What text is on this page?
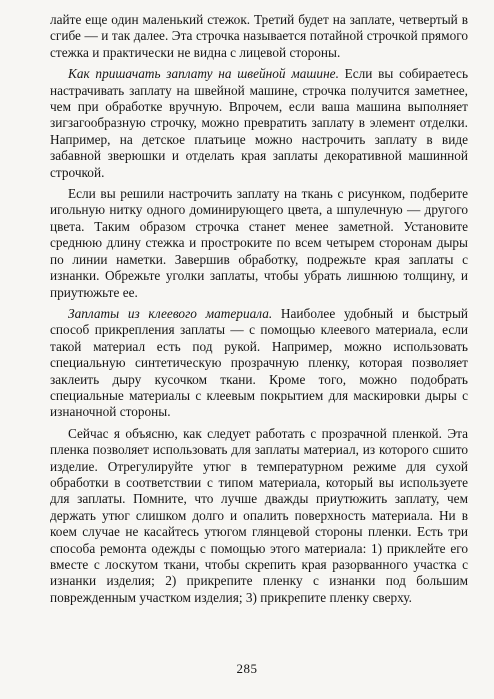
лайте еще один маленький стежок. Третий будет на заплате, четвертый в сгибе — и так далее. Эта строчка называется потайной строчкой прямого стежка и практически не видна с лицевой стороны.

Как пришачать заплату на швейной машине. Если вы собираетесь настрачивать заплату на швейной машине, строчка получится заметнее, чем при обработке вручную. Впрочем, если ваша машина выполняет зигзагообразную строчку, можно превратить заплату в элемент отделки. Например, на детское платьице можно настрочить заплату в виде забавной зверюшки и отделать края заплаты декоративной машинной строчкой.

Если вы решили настрочить заплату на ткань с рисунком, подберите игольную нитку одного доминирующего цвета, а шпулечную — другого цвета. Таким образом строчка станет менее заметной. Установите среднюю длину стежка и простроките по всем четырем сторонам дыры по линии наметки. Завершив обработку, подрежьте края заплаты с изнанки. Обрежьте уголки заплаты, чтобы убрать лишнюю толщину, и приутюжьте ее.

Заплаты из клеевого материала. Наиболее удобный и быстрый способ прикрепления заплаты — с помощью клеевого материала, если такой материал есть под рукой. Например, можно использовать специальную синтетическую прозрачную пленку, которая позволяет заклеить дыру кусочком ткани. Кроме того, можно подобрать специальные материалы с клеевым покрытием для маскировки дыры с изнаночной стороны.

Сейчас я объясню, как следует работать с прозрачной пленкой. Эта пленка позволяет использовать для заплаты материал, из которого сшито изделие. Отрегулируйте утюг в температурном режиме для сухой обработки в соответствии с типом материала, который вы используете для заплаты. Помните, что лучше дважды приутюжить заплату, чем держать утюг слишком долго и опалить поверхность материала. Ни в коем случае не касайтесь утюгом глянцевой стороны пленки. Есть три способа ремонта одежды с помощью этого материала: 1) приклейте его вместе с лоскутом ткани, чтобы скрепить края разорванного участка с изнанки изделия; 2) прикрепите пленку с изнанки под большим поврежденным участком изделия; 3) прикрепите пленку сверху.

285
